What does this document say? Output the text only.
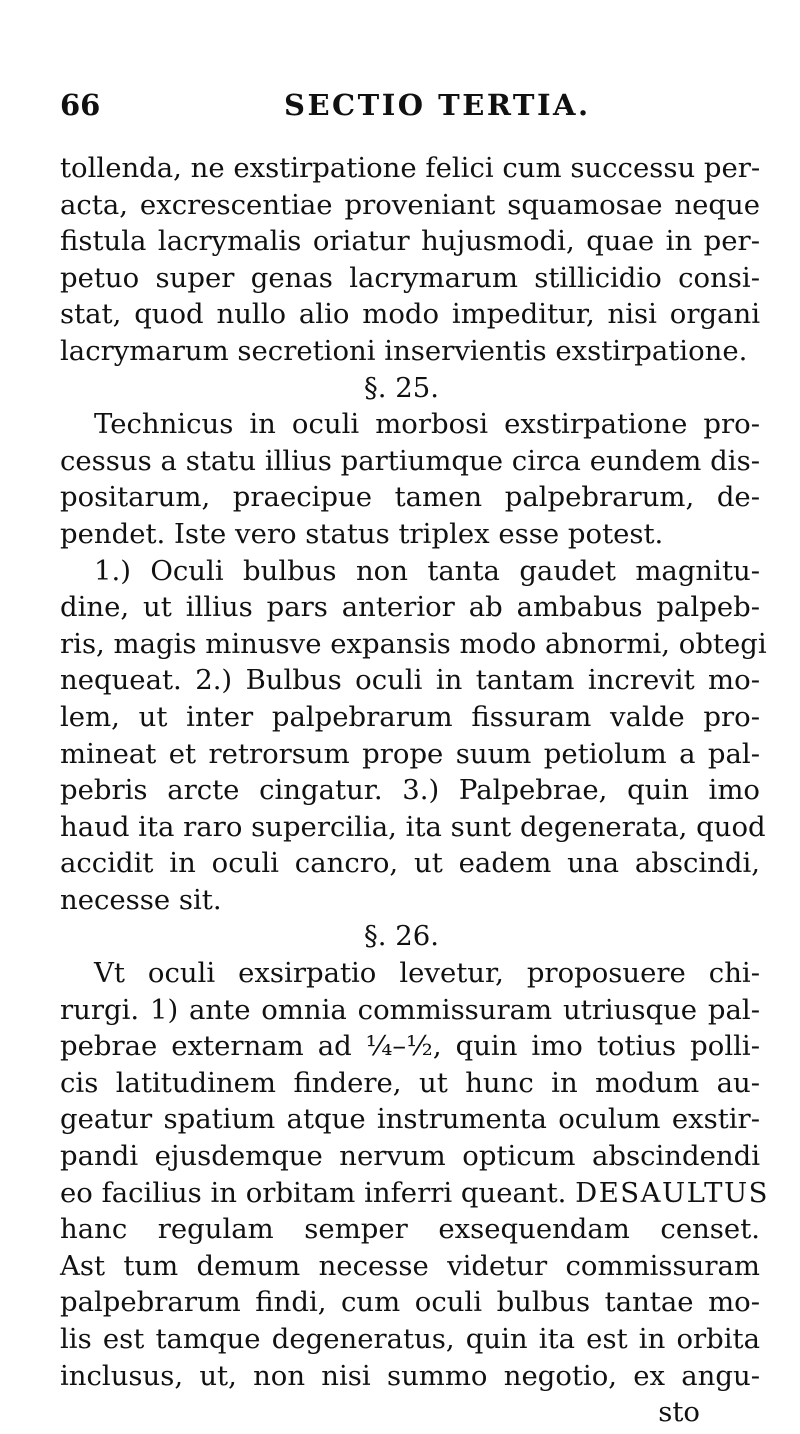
66	SECTIO TERTIA.
tollenda, ne exstirpatione felici cum successu per-
acta, excrescentiae proveniant squamosae neque
fistula lacrymalis oriatur hujusmodi, quae in per-
petuo super genas lacrymarum stillicidio consi-
stat, quod nullo alio modo impeditur, nisi organi
lacrymarum secretioni inservientis exstirpatione.
§. 25.
Technicus in oculi morbosi exstirpatione pro-
cessus a statu illius partiumque circa eundem dis-
positarum, praecipue tamen palpebrarum, de-
pendet. Iste vero status triplex esse potest.
1.) Oculi bulbus non tanta gaudet magnitu-
dine, ut illius pars anterior ab ambabus palpeb-
ris, magis minusve expansis modo abnormi, obtegi
nequeat. 2.) Bulbus oculi in tantam increvit mo-
lem, ut inter palpebrarum fissuram valde pro-
mineat et retrorsum prope suum petiolum a pal-
pebris arcte cingatur. 3.) Palpebrae, quin imo
haud ita raro supercilia, ita sunt degenerata, quod
accidit in oculi cancro, ut eadem una abscindi,
necesse sit.
§. 26.
Vt oculi exsirpatio levetur, proposuere chi-
rurgi. 1) ante omnia commissuram utriusque pal-
pebrae externam ad ¼–½, quin imo totius polli-
cis latitudinem findere, ut hunc in modum au-
geatur spatium atque instrumenta oculum exstir-
pandi ejusdemque nervum opticum abscindendi
eo facilius in orbitam inferri queant. DESAULTUS
hanc regulam semper exsequendam censet.
Ast tum demum necesse videtur commissuram
palpebrarum findi, cum oculi bulbus tantae mo-
lis est tamque degeneratus, quin ita est in orbita
inclusus, ut, non nisi summo negotio, ex angu-
sto
